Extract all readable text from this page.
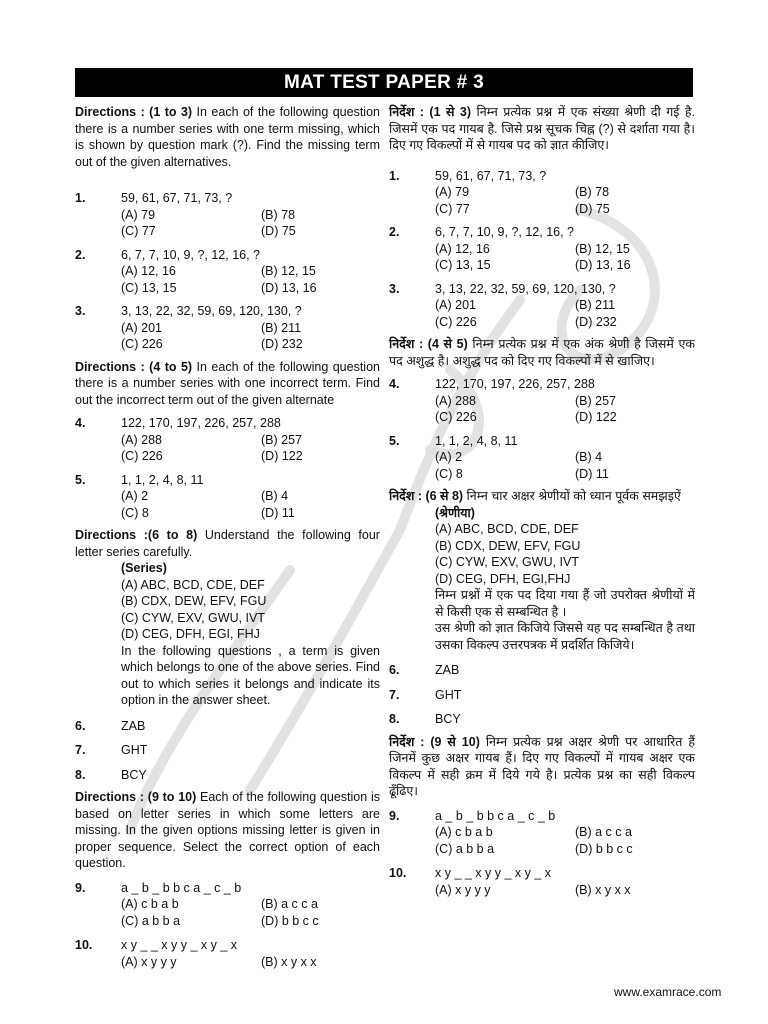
MAT TEST PAPER # 3
Directions : (1 to 3) In each of the following question there is a number series with one term missing, which is shown by question mark (?). Find the missing term out of the given alternatives.
1.	59, 61, 67, 71, 73, ?
(A) 79	(B) 78
(C) 77	(D) 75
2.	6, 7, 7, 10, 9, ?, 12, 16, ?
(A) 12, 16	(B) 12, 15
(C) 13, 15	(D) 13, 16
3.	3, 13, 22, 32, 59, 69, 120, 130, ?
(A) 201	(B) 211
(C) 226	(D) 232
Directions : (4 to 5) In each of the following question there is a number series with one incorrect term. Find out the incorrect term out of the given alternate
4.	122, 170, 197, 226, 257, 288
(A) 288	(B) 257
(C) 226	(D) 122
5.	1, 1, 2, 4, 8, 11
(A) 2	(B) 4
(C) 8	(D) 11
Directions :(6 to 8) Understand the following four letter series carefully.
(Series)
(A) ABC, BCD, CDE, DEF
(B) CDX, DEW, EFV, FGU
(C) CYW, EXV, GWU, IVT
(D) CEG, DFH, EGI, FHJ
In the following questions , a term is given which belongs to one of the above series. Find out to which series it belongs and indicate its option in the answer sheet.
6.	ZAB
7.	GHT
8.	BCY
Directions : (9 to 10) Each of the following question is based on letter series in which some letters are missing. In the given options missing letter is given in proper sequence. Select the correct option of each question.
9.	a _ b _ b b c a _ c _ b
(A) c b a b	(B) a c c a
(C) a b b a	(D) b b c c
10. x y _ _ x y y _ x y _ x
(A) x y y y	(B) x y x x
निर्देश : (1 से 3) निम्न प्रत्येक प्रश्न में एक संख्या श्रेणी दी गई है. जिसमें एक पद गायब है. जिसे प्रश्न सूचक चिह्न (?) से दर्शाता गया है। दिए गए विकल्पों में से गायब पद को ज्ञात कीजिए।
1.	59, 61, 67, 71, 73, ?
(A) 79	(B) 78
(C) 77	(D) 75
2.	6, 7, 7, 10, 9, ?, 12, 16, ?
(A) 12, 16	(B) 12, 15
(C) 13, 15	(D) 13, 16
3.	3, 13, 22, 32, 59, 69, 120, 130, ?
(A) 201	(B) 211
(C) 226	(D) 232
निर्देश : (4 से 5) निम्न प्रत्येक प्रश्न में एक अंक श्रेणी है जिसमें एक पद अशुद्ध है। अशुद्ध पद को दिए गए विकल्पों में से खाजिए।
4.	122, 170, 197, 226, 257, 288
(A) 288	(B) 257
(C) 226	(D) 122
5.	1, 1, 2, 4, 8, 11
(A) 2	(B) 4
(C) 8	(D) 11
निर्देश : (6 से 8) निम्न चार अक्षर श्रेणीयों को ध्यान पूर्वक समझइऐं
(श्रेणीया)
(A) ABC, BCD, CDE, DEF
(B) CDX, DEW, EFV, FGU
(C) CYW, EXV, GWU, IVT
(D) CEG, DFH, EGI,FHJ
निम्न प्रश्नों में एक पद दिया गया हैं जो उपरोक्त श्रेणीयों में से किसी एक से सम्बन्धित है ।
उस श्रेणी को ज्ञात किजिये जिससे यह पद सम्बन्धित है तथा उसका विकल्प उत्तरपत्रक में प्रदर्शित किजिये।
6.	ZAB
7.	GHT
8.	BCY
निर्देश : (9 से 10) निम्न प्रत्येक प्रश्न अक्षर श्रेणी पर आधारित हैं जिनमें कुछ अक्षर गायब हैं। दिए गए विकल्पों में गायब अक्षर एक विकल्प में सही क्रम में दिये गये है। प्रत्येक प्रश्न का सही विकल्प ढूँढिए।
9.	a _ b _ b b c a _ c _ b
(A) c b a b	(B) a c c a
(C) a b b a	(D) b b c c
10. x y _ _ x y y _ x y _ x
(A) x y y y	(B) x y x x
www.examrace.com
